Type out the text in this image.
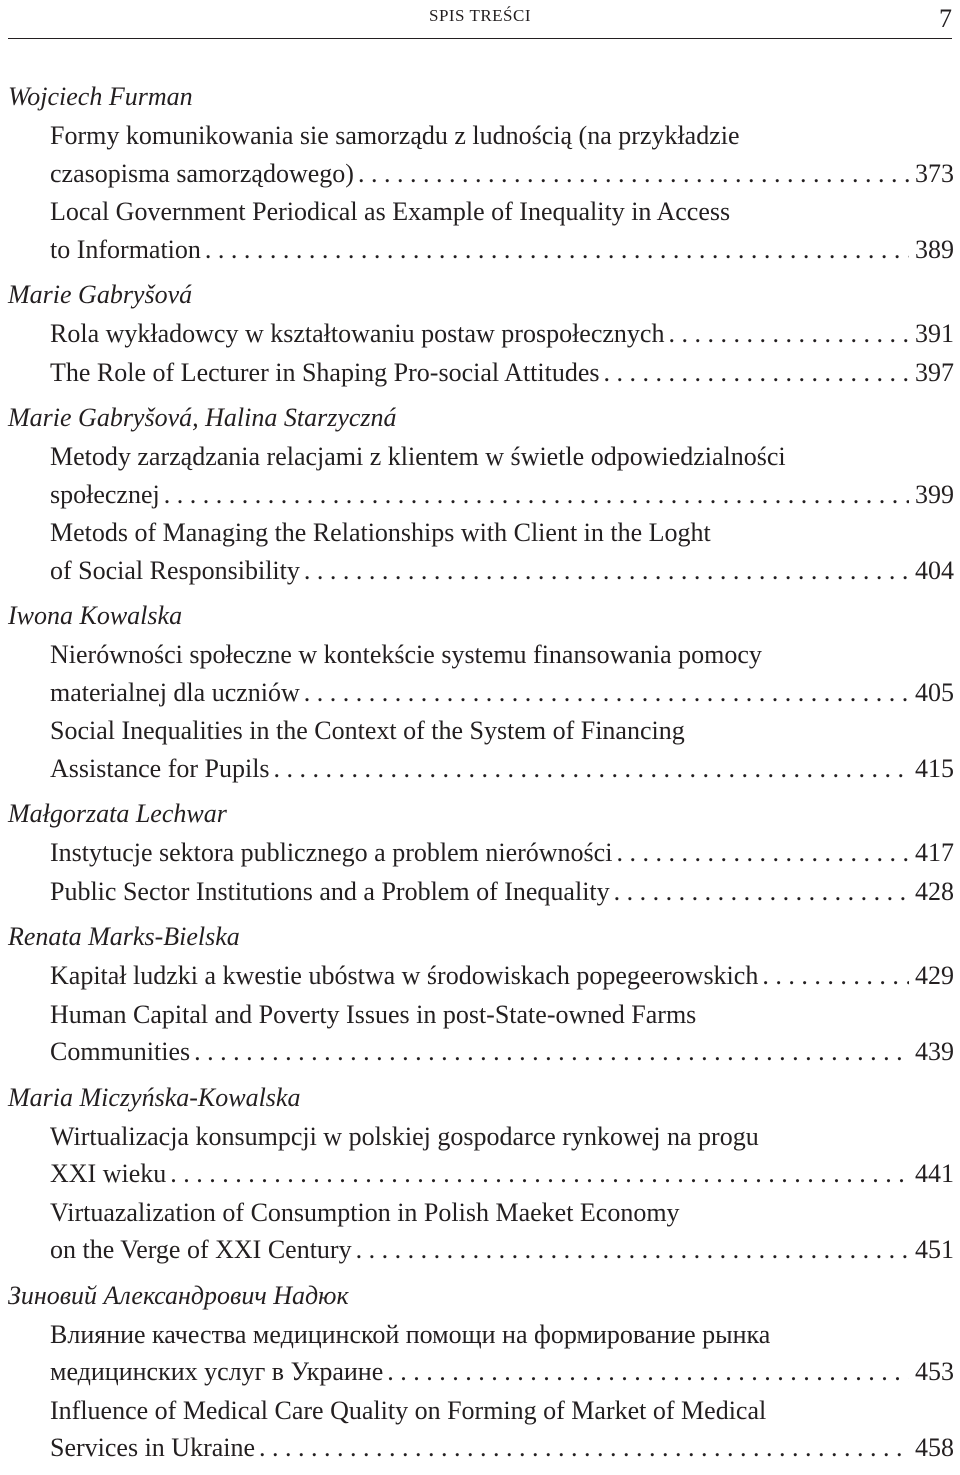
SPIS TREŚCI	7
Wojciech Furman
Formy komunikowania sie samorządu z ludnością (na przykładzie
czasopisma samorządowego) . . .	373
Local Government Periodical as Example of Inequality in Access
to Information . . .	389
Marie Gabryšová
Rola wykładowcy w kształtowaniu postaw prospołecznych . . .	391
The Role of Lecturer in Shaping Pro-social Attitudes . . .	397
Marie Gabryšová, Halina Starzyczná
Metody zarządzania relacjami z klientem w świetle odpowiedzialności
społecznej . . .	399
Metods of Managing the Relationships with Client in the Loght
of Social Responsibility . . .	404
Iwona Kowalska
Nierówności społeczne w kontekście systemu finansowania pomocy
materialnej dla uczniów . . .	405
Social Inequalities in the Context of the System of Financing
Assistance for Pupils . . .	415
Małgorzata Lechwar
Instytucje sektora publicznego a problem nierówności . . .	417
Public Sector Institutions and a Problem of Inequality . . .	428
Renata Marks-Bielska
Kapitał ludzki a kwestie ubóstwa w środowiskach popegeerowskich . . .	429
Human Capital and Poverty Issues in post-State-owned Farms
Communities . . .	439
Maria Miczyńska-Kowalska
Wirtualizacja konsumpcji w polskiej gospodarce rynkowej na progu
XXI wieku . . .	441
Virtuazalization of Consumption in Polish Maeket Economy
on the Verge of XXI Century . . .	451
Зиновий Александрович Надюк
Влияние качества медицинской помощи на формирование рынка
медицинских услуг в Украине . . .	453
Influence of Medical Care Quality on Forming of Market of Medical
Services in Ukraine . . .	458
